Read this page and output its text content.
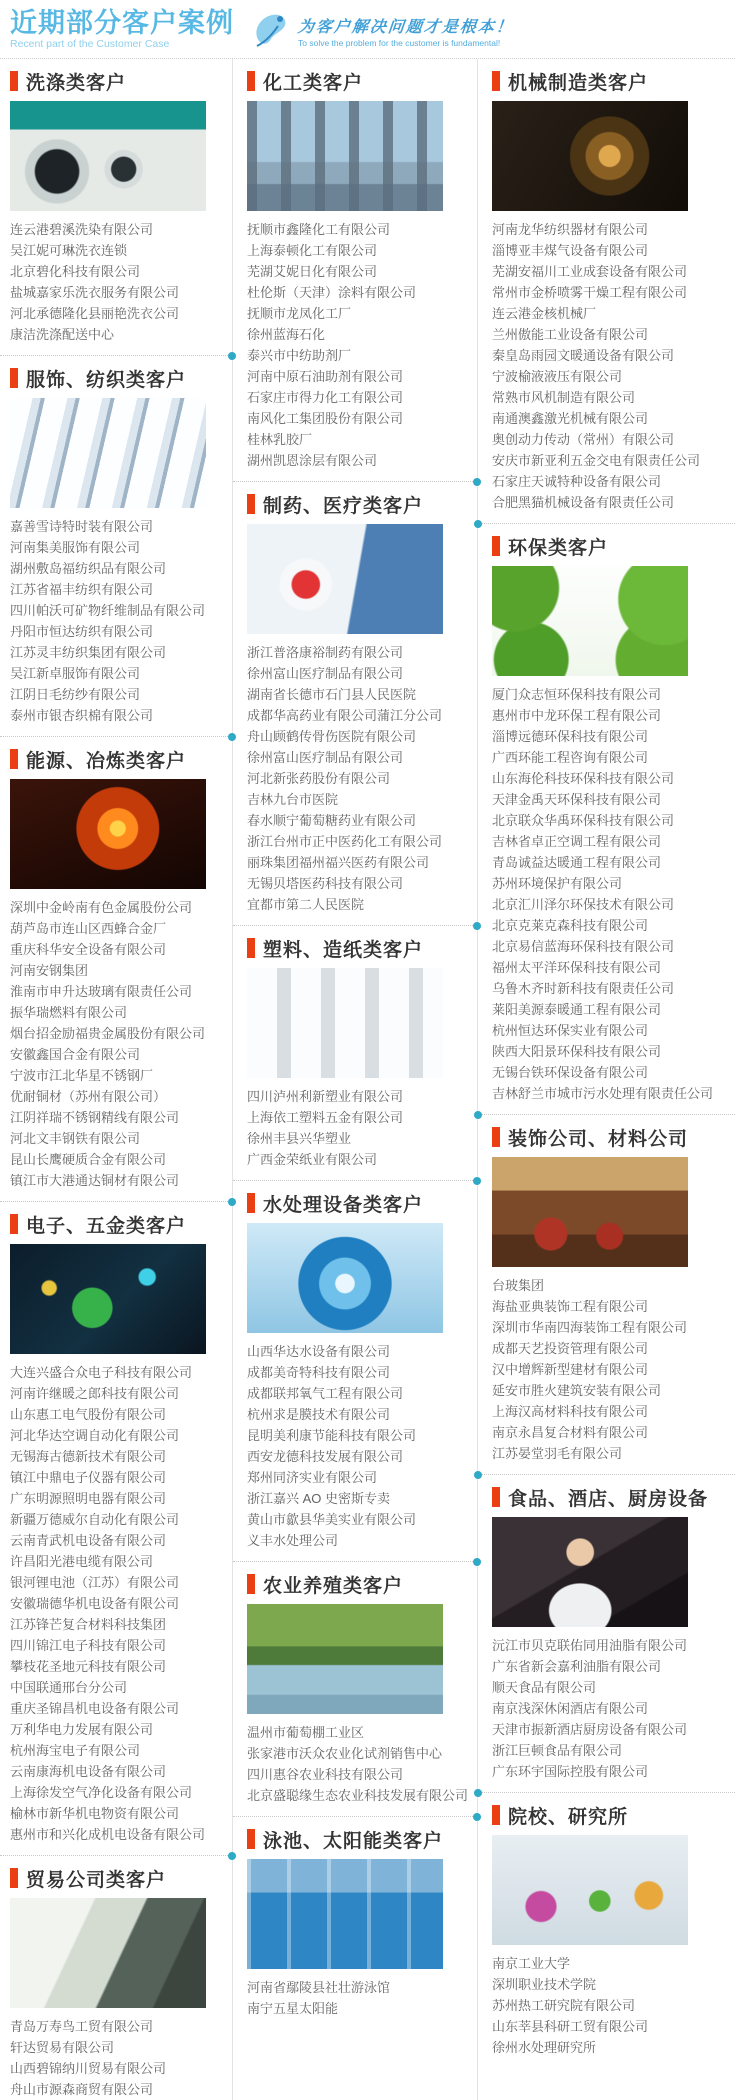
近期部分客户案例
Recent part of the Customer Case
为客户解决问题才是根本！
To solve the problem for the customer is fundamental!
洗涤类客户
连云港碧溪洗染有限公司
吴江妮可琳洗衣连锁
北京碧化科技有限公司
盐城嘉家乐洗衣服务有限公司
河北承德隆化县丽艳洗衣公司
康洁洗涤配送中心
服饰、纺织类客户
嘉善雪诗特时装有限公司
河南集美服饰有限公司
湖州敷岛福纺织品有限公司
江苏省福丰纺织有限公司
四川帕沃可矿物纤维制品有限公司
丹阳市恒达纺织有限公司
江苏灵丰纺织集团有限公司
吴江新卓服饰有限公司
江阴日毛纺纱有限公司
泰州市银杏织棉有限公司
能源、冶炼类客户
深圳中金岭南有色金属股份公司
葫芦岛市连山区西蜂合金厂
重庆科华安全设备有限公司
河南安钢集团
淮南市申升达玻璃有限责任公司
振华瑞燃料有限公司
烟台招金励福贵金属股份有限公司
安徽鑫国合金有限公司
宁波市江北华星不锈钢厂
优耐铜材（苏州有限公司）
江阴祥瑞不锈钢精线有限公司
河北文丰钢铁有限公司
昆山长鹰硬质合金有限公司
镇江市大港通达铜材有限公司
电子、五金类客户
大连兴盛合众电子科技有限公司
河南许继暖之郎科技有限公司
山东惠工电气股份有限公司
河北华达空调自动化有限公司
无锡海古德新技术有限公司
镇江中鼎电子仪器有限公司
广东明源照明电器有限公司
新疆万德威尔自动化有限公司
云南青武机电设备有限公司
许昌阳光港电缆有限公司
银河锂电池（江苏）有限公司
安徽瑞德华机电设备有限公司
江苏锋芒复合材料科技集团
四川锦江电子科技有限公司
攀枝花圣地元科技有限公司
中国联通邢台分公司
重庆圣锦昌机电设备有限公司
万利华电力发展有限公司
杭州海宝电子有限公司
云南康海机电设备有限公司
上海徐发空气净化设备有限公司
榆林市新华机电物资有限公司
惠州市和兴化成机电设备有限公司
贸易公司类客户
青岛万寿鸟工贸有限公司
轩达贸易有限公司
山西碧锦纳川贸易有限公司
舟山市源森商贸有限公司
化工类客户
抚顺市鑫隆化工有限公司
上海泰顿化工有限公司
芜湖艾妮日化有限公司
杜伦斯（天津）涂料有限公司
抚顺市龙凤化工厂
徐州蓝海石化
泰兴市中纺助剂厂
河南中原石油助剂有限公司
石家庄市得力化工有限公司
南风化工集团股份有限公司
桂林乳胶厂
湖州凯恩涂层有限公司
制药、医疗类客户
浙江普洛康裕制药有限公司
徐州富山医疗制品有限公司
湖南省长德市石门县人民医院
成都华高药业有限公司蒲江分公司
舟山顾鹤传骨伤医院有限公司
徐州富山医疗制品有限公司
河北新张药股份有限公司
吉林九台市医院
春水顺宁葡萄糖药业有限公司
浙江台州市正中医药化工有限公司
丽珠集团福州福兴医药有限公司
无锡贝塔医药科技有限公司
宜都市第二人民医院
塑料、造纸类客户
四川泸州利新塑业有限公司
上海依工塑料五金有限公司
徐州丰县兴华塑业
广西金荣纸业有限公司
水处理设备类客户
山西华达水设备有限公司
成都美奇特科技有限公司
成都联邦氧气工程有限公司
杭州求是膜技术有限公司
昆明美利康节能科技有限公司
西安龙德科技发展有限公司
郑州同济实业有限公司
浙江嘉兴 AO 史密斯专卖
黄山市歙县华美实业有限公司
义丰水处理公司
农业养殖类客户
温州市葡萄棚工业区
张家港市沃众农业化试剂销售中心
四川惠谷农业科技有限公司
北京盛聪缘生态农业科技发展有限公司
泳池、太阳能类客户
河南省鄢陵县社壮游泳馆
南宁五星太阳能
机械制造类客户
河南龙华纺织器材有限公司
淄博亚丰煤气设备有限公司
芜湖安福川工业成套设备有限公司
常州市金桥喷雾干燥工程有限公司
连云港金核机械厂
兰州傲能工业设备有限公司
秦皇岛雨园文暖通设备有限公司
宁波榆液液压有限公司
常熟市风机制造有限公司
南通澳鑫激光机械有限公司
奥创动力传动（常州）有限公司
安庆市新亚利五金交电有限责任公司
石家庄天诚特种设备有限公司
合肥黑猫机械设备有限责任公司
环保类客户
厦门众志恒环保科技有限公司
惠州市中龙环保工程有限公司
淄博远德环保科技有限公司
广西环能工程咨询有限公司
山东海伦科技环保科技有限公司
天津金禹天环保科技有限公司
北京联众华禹环保科技有限公司
吉林省卓正空调工程有限公司
青岛诚益达暖通工程有限公司
苏州环境保护有限公司
北京汇川泽尔环保技术有限公司
北京克莱克森科技有限公司
北京易信蓝海环保科技有限公司
福州太平洋环保科技有限公司
乌鲁木齐时新科技有限责任公司
莱阳美源泰暖通工程有限公司
杭州恒达环保实业有限公司
陕西大阳景环保科技有限公司
无锡台铁环保设备有限公司
吉林舒兰市城市污水处理有限责任公司
装饰公司、材料公司
台玻集团
海盐亚典装饰工程有限公司
深圳市华南四海装饰工程有限公司
成都天艺投资管理有限公司
汉中增辉新型建材有限公司
延安市胜火建筑安装有限公司
上海汉高材料科技有限公司
南京永昌复合材料有限公司
江苏晏堂羽毛有限公司
食品、酒店、厨房设备
沅江市贝克联佑同用油脂有限公司
广东省新会嘉利油脂有限公司
顺天食品有限公司
南京浅深休闲酒店有限公司
天津市振新酒店厨房设备有限公司
浙江巨顿食品有限公司
广东环宇国际控股有限公司
院校、研究所
南京工业大学
深圳职业技术学院
苏州热工研究院有限公司
山东莘县科研工贸有限公司
徐州水处理研究所
